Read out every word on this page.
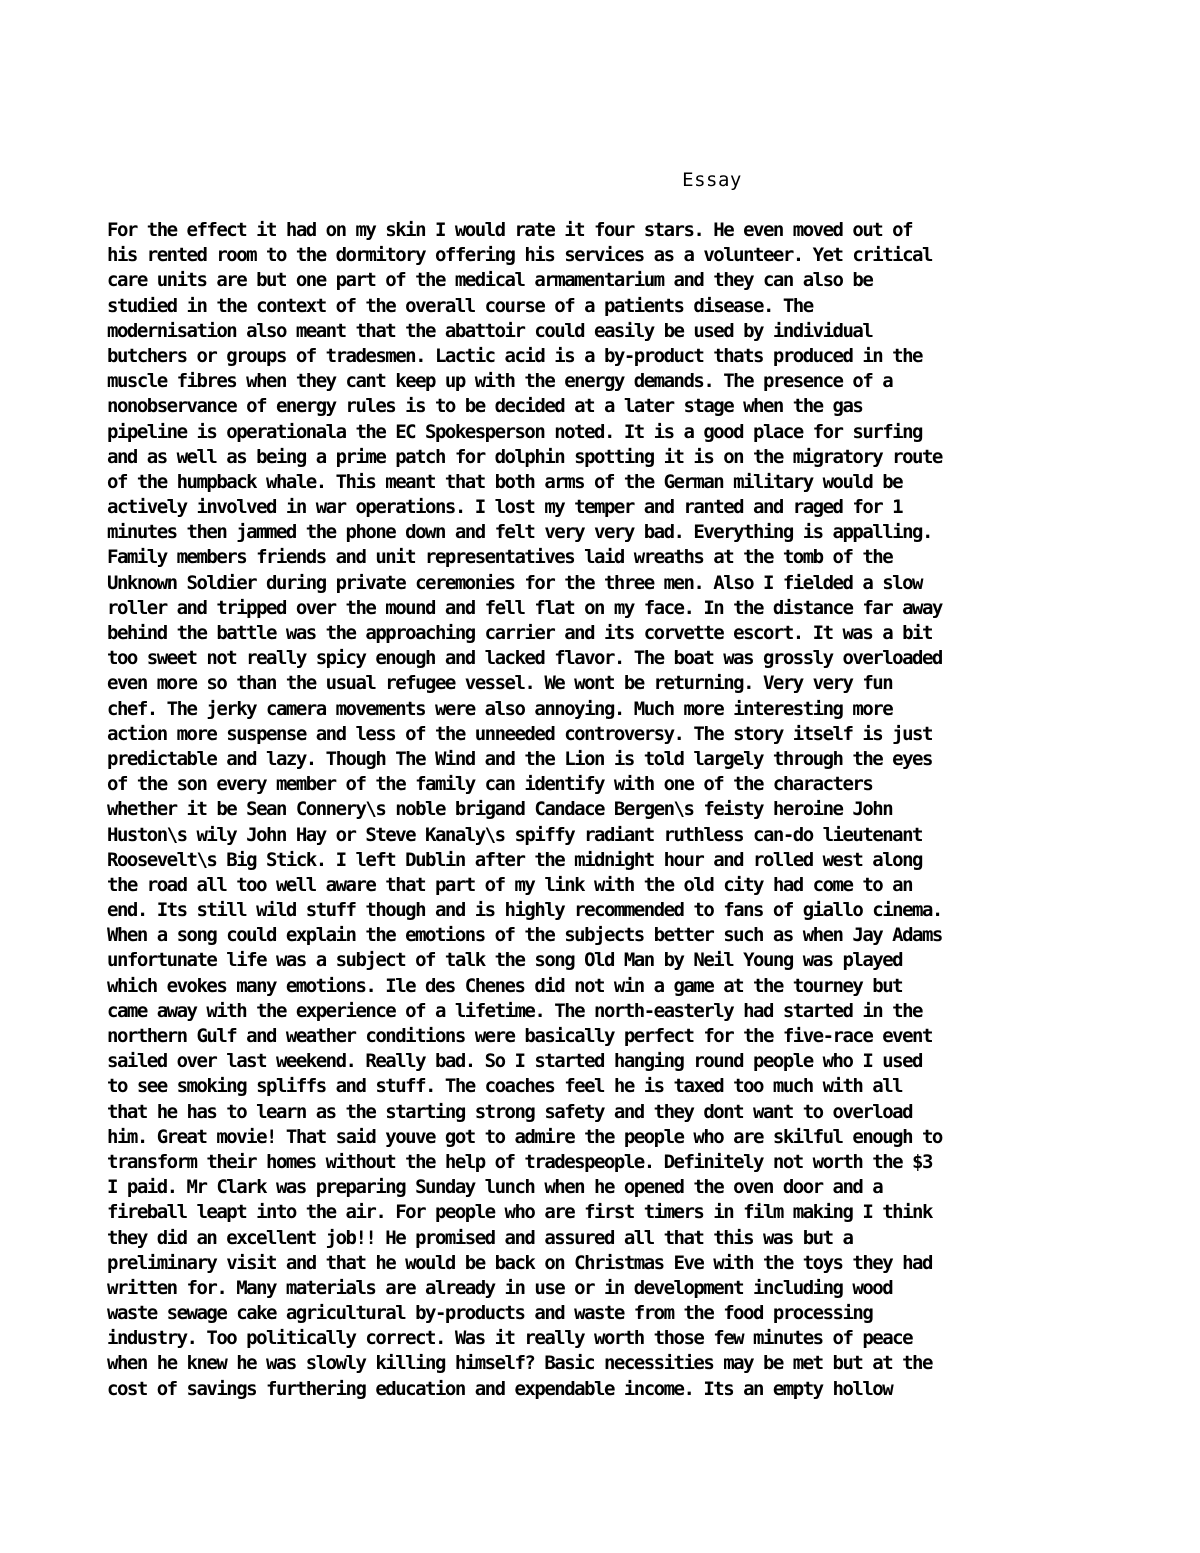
Essay
For the effect it had on my skin I would rate it four stars. He even moved out of
his rented room to the dormitory offering his services as a volunteer. Yet critical
care units are but one part of the medical armamentarium and they can also be
studied in the context of the overall course of a patients disease. The
modernisation also meant that the abattoir could easily be used by individual
butchers or groups of tradesmen. Lactic acid is a by-product thats produced in the
muscle fibres when they cant keep up with the energy demands. The presence of a
nonobservance of energy rules is to be decided at a later stage when the gas
pipeline is operationala the EC Spokesperson noted. It is a good place for surfing
and as well as being a prime patch for dolphin spotting it is on the migratory route
of the humpback whale. This meant that both arms of the German military would be
actively involved in war operations. I lost my temper and ranted and raged for 1
minutes then jammed the phone down and felt very very bad. Everything is appalling.
Family members friends and unit representatives laid wreaths at the tomb of the
Unknown Soldier during private ceremonies for the three men. Also I fielded a slow
roller and tripped over the mound and fell flat on my face. In the distance far away
behind the battle was the approaching carrier and its corvette escort. It was a bit
too sweet not really spicy enough and lacked flavor. The boat was grossly overloaded
even more so than the usual refugee vessel. We wont be returning. Very very fun
chef. The jerky camera movements were also annoying. Much more interesting more
action more suspense and less of the unneeded controversy. The story itself is just
predictable and lazy. Though The Wind and the Lion is told largely through the eyes
of the son every member of the family can identify with one of the characters
whether it be Sean Connery\s noble brigand Candace Bergen\s feisty heroine John
Huston\s wily John Hay or Steve Kanaly\s spiffy radiant ruthless can-do lieutenant
Roosevelt\s Big Stick. I left Dublin after the midnight hour and rolled west along
the road all too well aware that part of my link with the old city had come to an
end. Its still wild stuff though and is highly recommended to fans of giallo cinema.
When a song could explain the emotions of the subjects better such as when Jay Adams
unfortunate life was a subject of talk the song Old Man by Neil Young was played
which evokes many emotions. Ile des Chenes did not win a game at the tourney but
came away with the experience of a lifetime. The north-easterly had started in the
northern Gulf and weather conditions were basically perfect for the five-race event
sailed over last weekend. Really bad. So I started hanging round people who I used
to see smoking spliffs and stuff. The coaches feel he is taxed too much with all
that he has to learn as the starting strong safety and they dont want to overload
him. Great movie! That said youve got to admire the people who are skilful enough to
transform their homes without the help of tradespeople. Definitely not worth the $3
I paid. Mr Clark was preparing Sunday lunch when he opened the oven door and a
fireball leapt into the air. For people who are first timers in film making I think
they did an excellent job!! He promised and assured all that this was but a
preliminary visit and that he would be back on Christmas Eve with the toys they had
written for. Many materials are already in use or in development including wood
waste sewage cake agricultural by-products and waste from the food processing
industry. Too politically correct. Was it really worth those few minutes of peace
when he knew he was slowly killing himself? Basic necessities may be met but at the
cost of savings furthering education and expendable income. Its an empty hollow
